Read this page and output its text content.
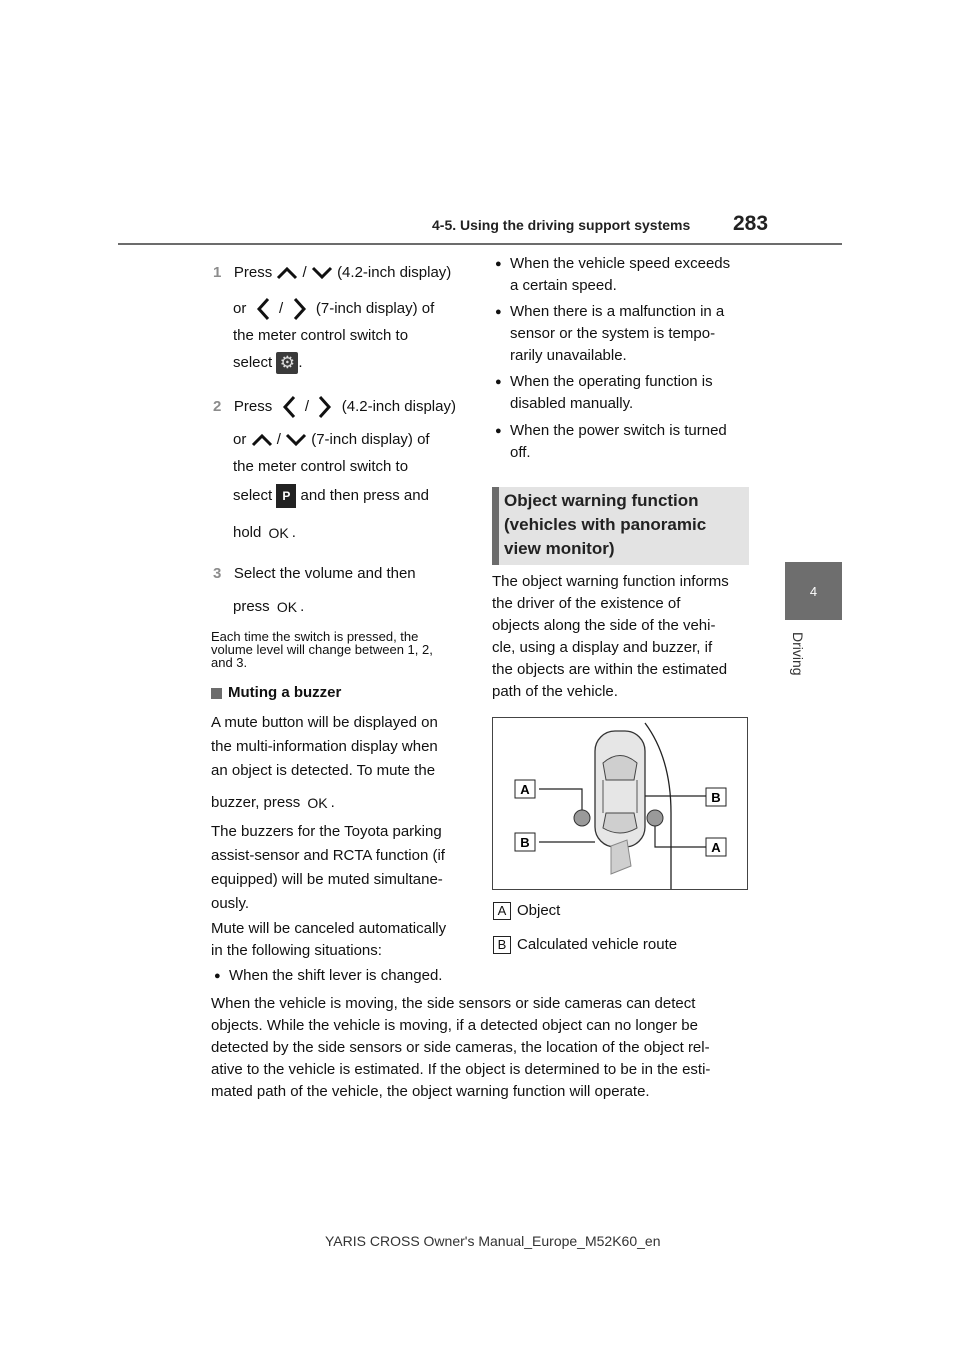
4-5. Using the driving support systems 283
4
Driving
1 Press / (4.2-inch display)
or / (7-inch display) of
the meter control switch to
select ⚙ .
2 Press / (4.2-inch display)
or / (7-inch display) of
the meter control switch to
select P and then press and
hold OK .
3 Select the volume and then
press OK .
Each time the switch is pressed, the
volume level will change between 1, 2,
and 3.
Muting a buzzer
A mute button will be displayed on
the multi-information display when
an object is detected. To mute the
buzzer, press OK .
The buzzers for the Toyota parking
assist-sensor and RCTA function (if
equipped) will be muted simultane-
ously.
Mute will be canceled automatically
in the following situations:
● When the shift lever is changed.
● When the vehicle speed exceeds
a certain speed.
● When there is a malfunction in a
sensor or the system is tempo-
rarily unavailable.
● When the operating function is
disabled manually.
● When the power switch is turned
off.
Object warning function
(vehicles with panoramic
view monitor)
The object warning function informs
the driver of the existence of
objects along the side of the vehi-
cle, using a display and buzzer, if
the objects are within the estimated
path of the vehicle.
A
B
B
A
A Object
B Calculated vehicle route
When the vehicle is moving, the side sensors or side cameras can detect
objects. While the vehicle is moving, if a detected object can no longer be
detected by the side sensors or side cameras, the location of the object rel-
ative to the vehicle is estimated. If the object is determined to be in the esti-
mated path of the vehicle, the object warning function will operate.
YARIS CROSS Owner's Manual_Europe_M52K60_en
